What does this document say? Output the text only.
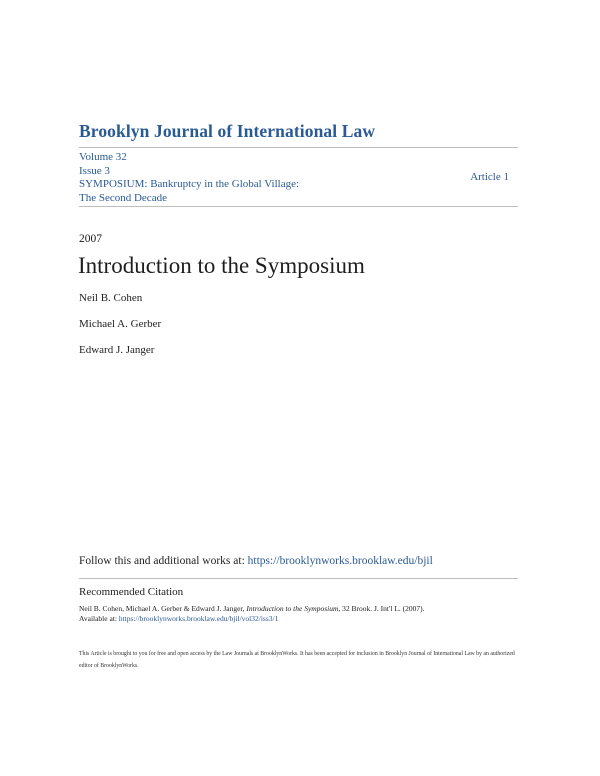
Brooklyn Journal of International Law
Volume 32
Issue 3
SYMPOSIUM: Bankruptcy in the Global Village:
The Second Decade
Article 1
2007
Introduction to the Symposium
Neil B. Cohen
Michael A. Gerber
Edward J. Janger
Follow this and additional works at: https://brooklynworks.brooklaw.edu/bjil
Recommended Citation
Neil B. Cohen, Michael A. Gerber & Edward J. Janger, Introduction to the Symposium, 32 Brook. J. Int'l L. (2007).
Available at: https://brooklynworks.brooklaw.edu/bjil/vol32/iss3/1
This Article is brought to you for free and open access by the Law Journals at BrooklynWorks. It has been accepted for inclusion in Brooklyn Journal of International Law by an authorized editor of BrooklynWorks.
